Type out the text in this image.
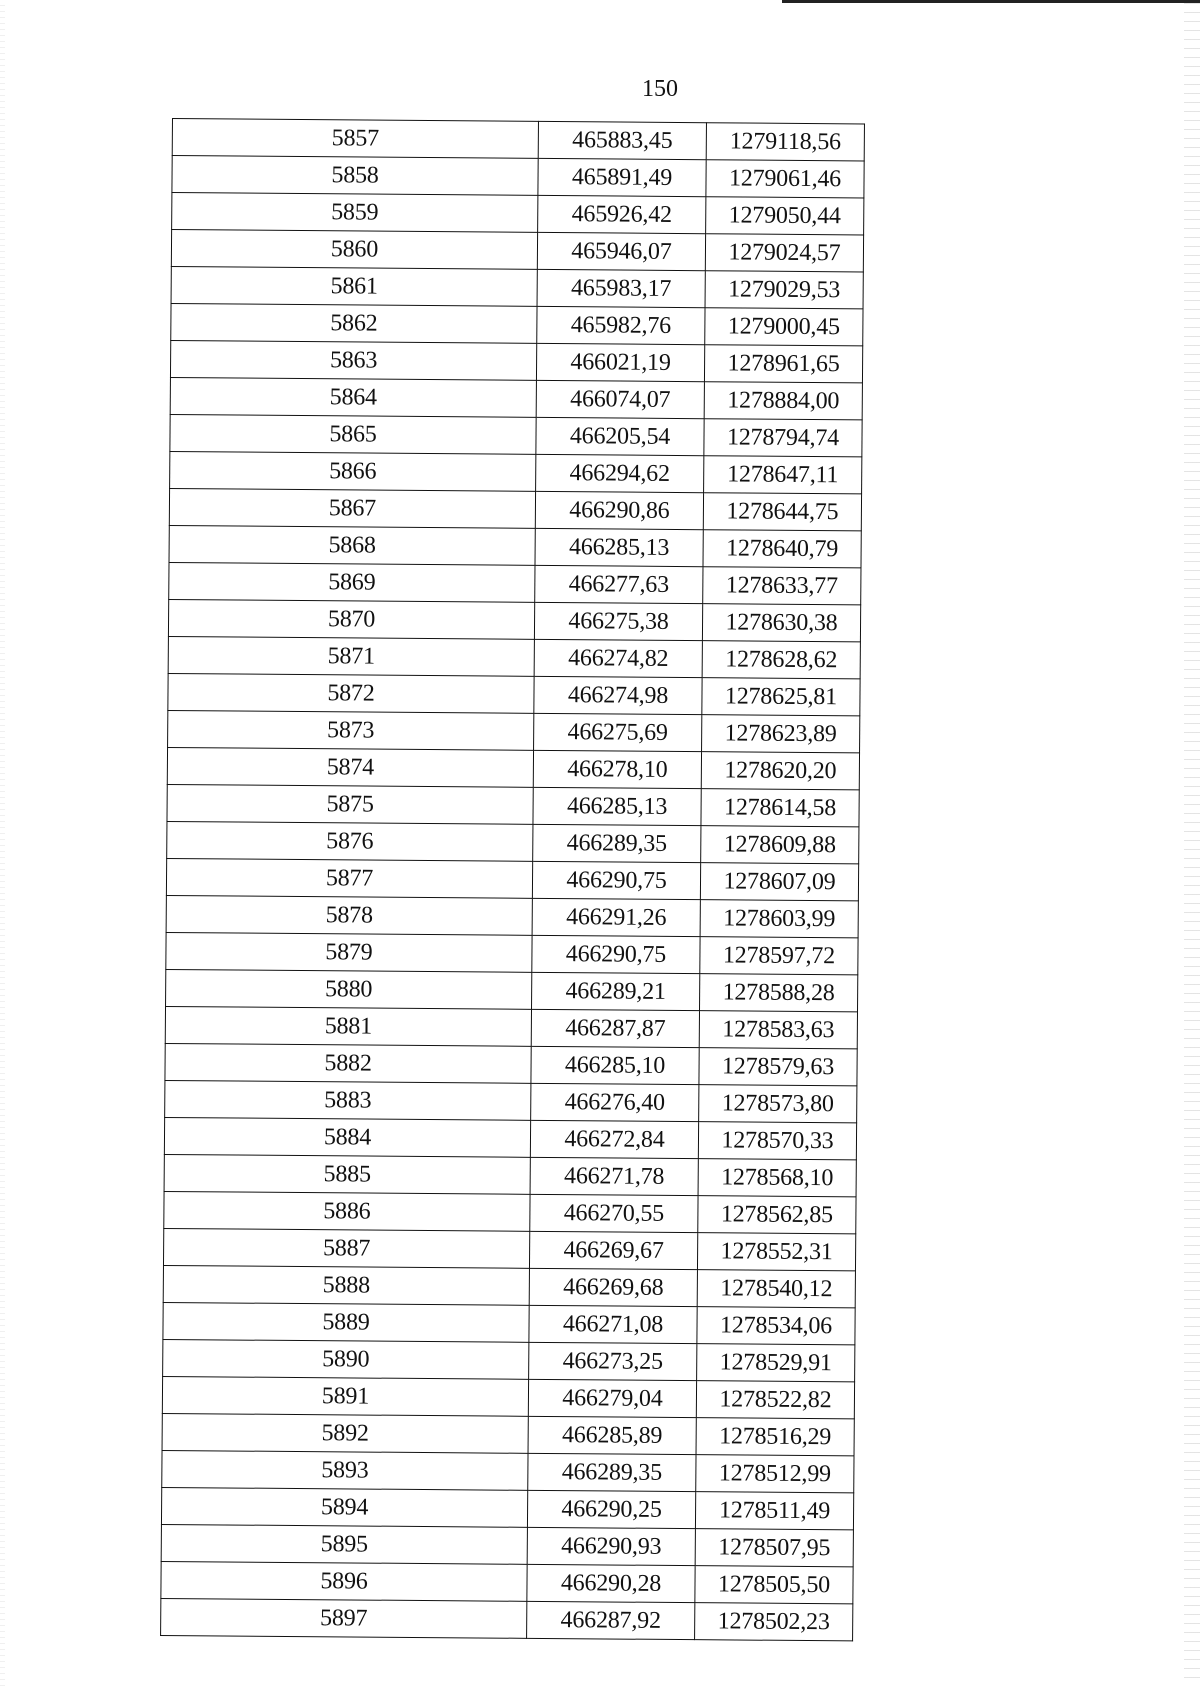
150
5857	465883,45	1279118,56
5858	465891,49	1279061,46
5859	465926,42	1279050,44
5860	465946,07	1279024,57
5861	465983,17	1279029,53
5862	465982,76	1279000,45
5863	466021,19	1278961,65
5864	466074,07	1278884,00
5865	466205,54	1278794,74
5866	466294,62	1278647,11
5867	466290,86	1278644,75
5868	466285,13	1278640,79
5869	466277,63	1278633,77
5870	466275,38	1278630,38
5871	466274,82	1278628,62
5872	466274,98	1278625,81
5873	466275,69	1278623,89
5874	466278,10	1278620,20
5875	466285,13	1278614,58
5876	466289,35	1278609,88
5877	466290,75	1278607,09
5878	466291,26	1278603,99
5879	466290,75	1278597,72
5880	466289,21	1278588,28
5881	466287,87	1278583,63
5882	466285,10	1278579,63
5883	466276,40	1278573,80
5884	466272,84	1278570,33
5885	466271,78	1278568,10
5886	466270,55	1278562,85
5887	466269,67	1278552,31
5888	466269,68	1278540,12
5889	466271,08	1278534,06
5890	466273,25	1278529,91
5891	466279,04	1278522,82
5892	466285,89	1278516,29
5893	466289,35	1278512,99
5894	466290,25	1278511,49
5895	466290,93	1278507,95
5896	466290,28	1278505,50
5897	466287,92	1278502,23
